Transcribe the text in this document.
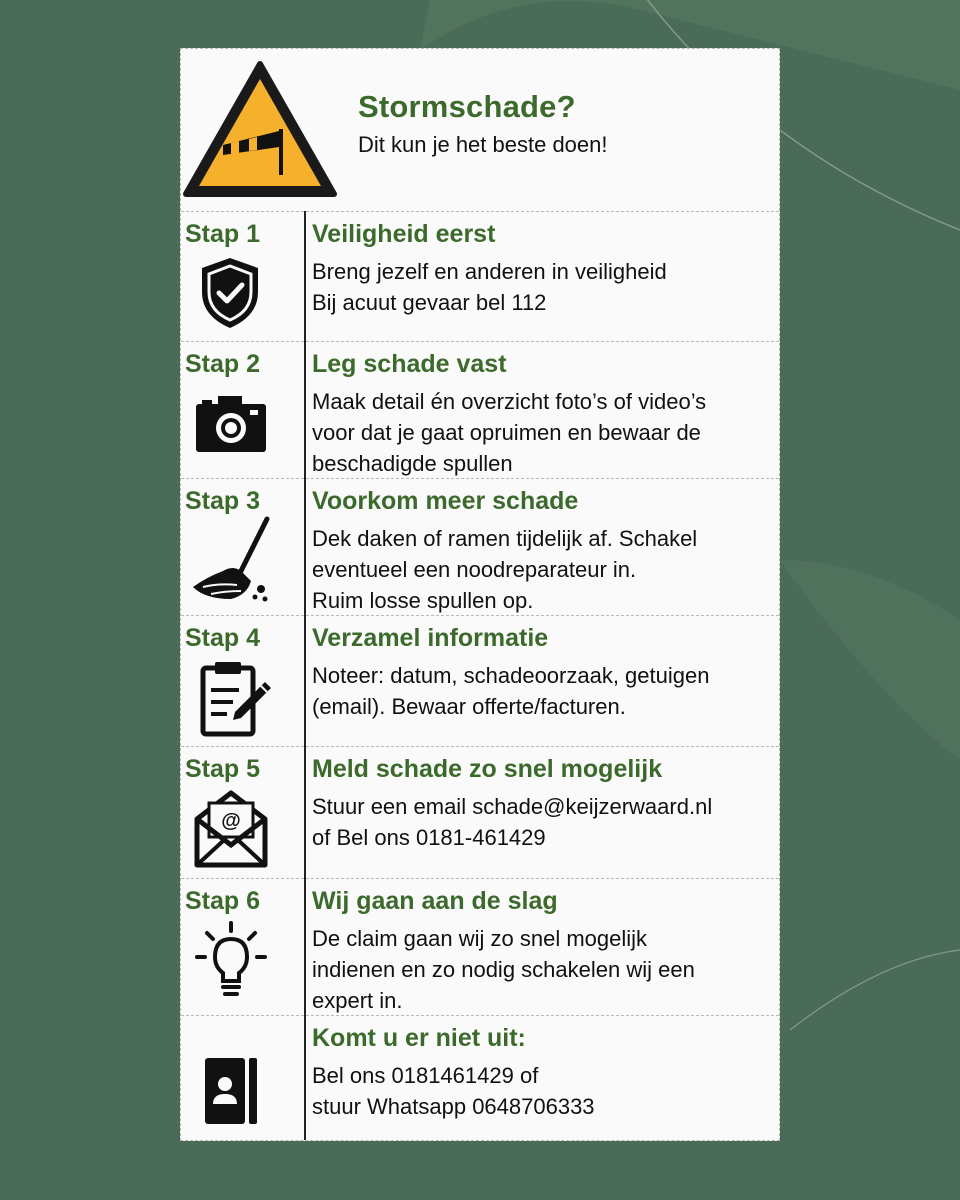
Stormschade?
Dit kun je het beste doen!
Stap 1 Veiligheid eerst
Breng jezelf en anderen in veiligheid
Bij acuut gevaar bel 112
Stap 2 Leg schade vast
Maak detail én overzicht foto’s of video’s
voor dat je gaat opruimen en bewaar de
beschadigde spullen
Stap 3 Voorkom meer schade
Dek daken of ramen tijdelijk af. Schakel
eventueel een noodreparateur in.
Ruim losse spullen op.
Stap 4 Verzamel informatie
Noteer: datum, schadeoorzaak, getuigen
(email). Bewaar offerte/facturen.
Stap 5
@
Meld schade zo snel mogelijk
Stuur een email schade@keijzerwaard.nl
of Bel ons 0181-461429
Stap 6 Wij gaan aan de slag
De claim gaan wij zo snel mogelijk
indienen en zo nodig schakelen wij een
expert in.
Komt u er niet uit:
Bel ons 0181461429 of
stuur Whatsapp 0648706333
